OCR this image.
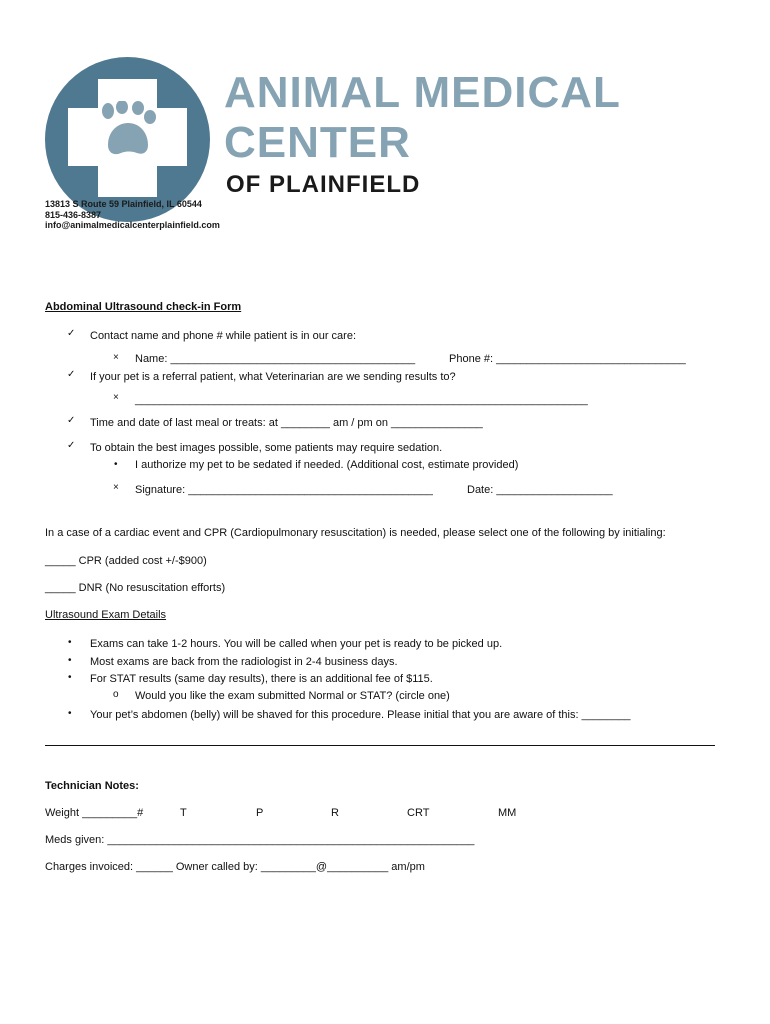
ANIMAL MEDICAL
CENTER
OF PLAINFIELD
13813 S Route 59 Plainfield, IL 60544
815-436-8387
info@animalmedicalcenterplainfield.com
Abdominal Ultrasound check-in Form
✓ Contact name and phone # while patient is in our care:
× Name: ________________________________________	Phone #: _______________________________
✓ If your pet is a referral patient, what Veterinarian are we sending results to?
× __________________________________________________________________________
✓ Time and date of last meal or treats: at ________ am / pm on _______________
✓ To obtain the best images possible, some patients may require sedation.
• I authorize my pet to be sedated if needed. (Additional cost, estimate provided)
× Signature: ________________________________________	Date: ___________________
In a case of a cardiac event and CPR (Cardiopulmonary resuscitation) is needed, please select one of the following by initialing:
_____ CPR (added cost +/-$900)
_____ DNR (No resuscitation efforts)
Ultrasound Exam Details
• Exams can take 1-2 hours. You will be called when your pet is ready to be picked up.
• Most exams are back from the radiologist in 2-4 business days.
• For STAT results (same day results), there is an additional fee of $115.
o Would you like the exam submitted Normal or STAT? (circle one)
• Your pet’s abdomen (belly) will be shaved for this procedure. Please initial that you are aware of this: ________
Technician Notes:
Weight _________#	T	P	R	CRT	MM
Meds given: ____________________________________________________________
Charges invoiced: ______ Owner called by: _________@__________ am/pm
